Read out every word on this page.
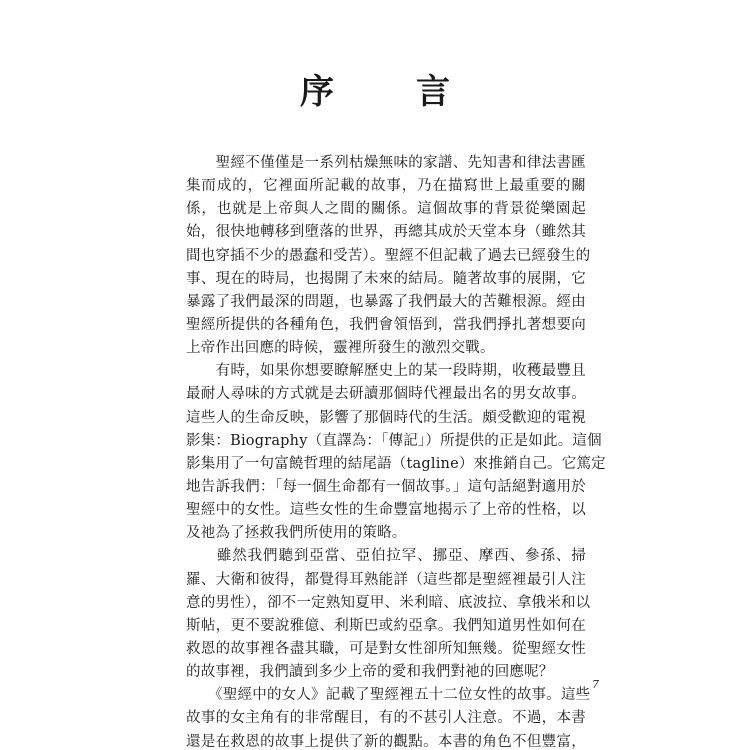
序　言
　　聖經不僅僅是一系列枯燥無味的家譜、先知書和律法書匯
集而成的，它裡面所記載的故事，乃在描寫世上最重要的關
係，也就是上帝與人之間的關係。這個故事的背景從樂園起
始，很快地轉移到墮落的世界，再總其成於天堂本身（雖然其
間也穿插不少的愚蠢和受苦）。聖經不但記載了過去已經發生的
事、現在的時局，也揭開了未來的結局。隨著故事的展開，它
暴露了我們最深的問題，也暴露了我們最大的苦難根源。經由
聖經所提供的各種角色，我們會領悟到，當我們掙扎著想要向
上帝作出回應的時候，靈裡所發生的激烈交戰。
　　有時，如果你想要瞭解歷史上的某一段時期，收穫最豐且
最耐人尋味的方式就是去研讀那個時代裡最出名的男女故事。
這些人的生命反映，影響了那個時代的生活。頗受歡迎的電視
影集：Biography（直譯為：「傳記」）所提供的正是如此。這個
影集用了一句富饒哲理的結尾語（tagline）來推銷自己。它篤定
地告訴我們：「每一個生命都有一個故事。」這句話絕對適用於
聖經中的女性。這些女性的生命豐富地揭示了上帝的性格，以
及祂為了拯救我們所使用的策略。
　　雖然我們聽到亞當、亞伯拉罕、挪亞、摩西、參孫、掃
羅、大衛和彼得，都覺得耳熟能詳（這些都是聖經裡最引人注
意的男性），卻不一定熟知夏甲、米利暗、底波拉、拿俄米和以
斯帖，更不要說雅億、利斯巴或約亞拿。我們知道男性如何在
救恩的故事裡各盡其職，可是對女性卻所知無幾。從聖經女性
的故事裡，我們讀到多少上帝的愛和我們對祂的回應呢？
　　《聖經中的女人》記載了聖經裡五十二位女性的故事。這些
故事的女主角有的非常醒目，有的不甚引人注意。不過，本書
還是在救恩的故事上提供了新的觀點。本書的角色不但豐富，
7
